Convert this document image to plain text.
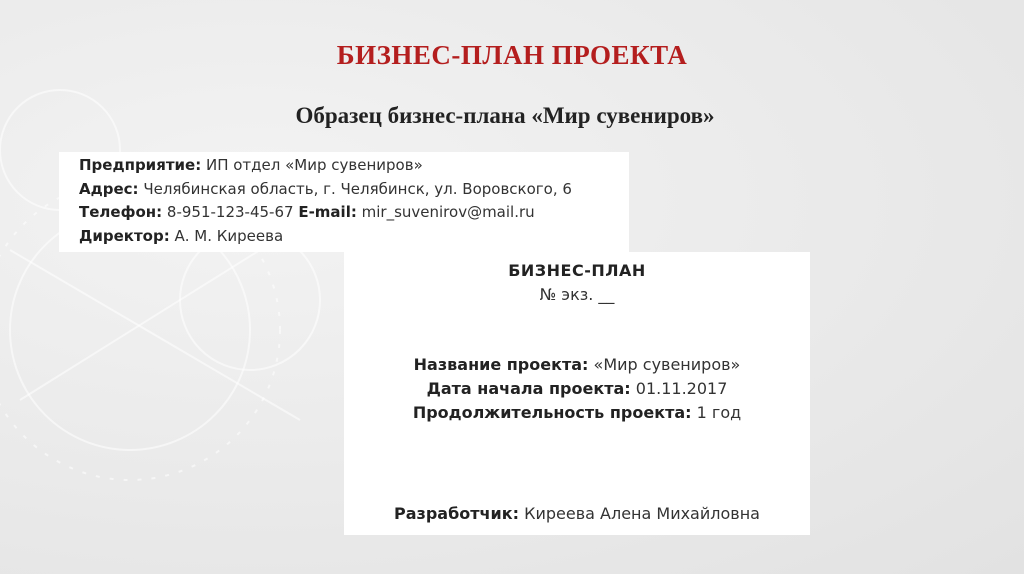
БИЗНЕС-ПЛАН ПРОЕКТА
Образец бизнес-плана «Мир сувениров»
Предприятие: ИП отдел «Мир сувениров»
Адрес: Челябинская область, г. Челябинск, ул. Воровского, 6
Телефон: 8-951-123-45-67 E-mail: mir_suvenirov@mail.ru
Директор: А. М. Киреева
БИЗНЕС-ПЛАН
№ экз. __
Название проекта: «Мир сувениров»
Дата начала проекта: 01.11.2017
Продолжительность проекта: 1 год
Разработчик: Киреева Алена Михайловна
